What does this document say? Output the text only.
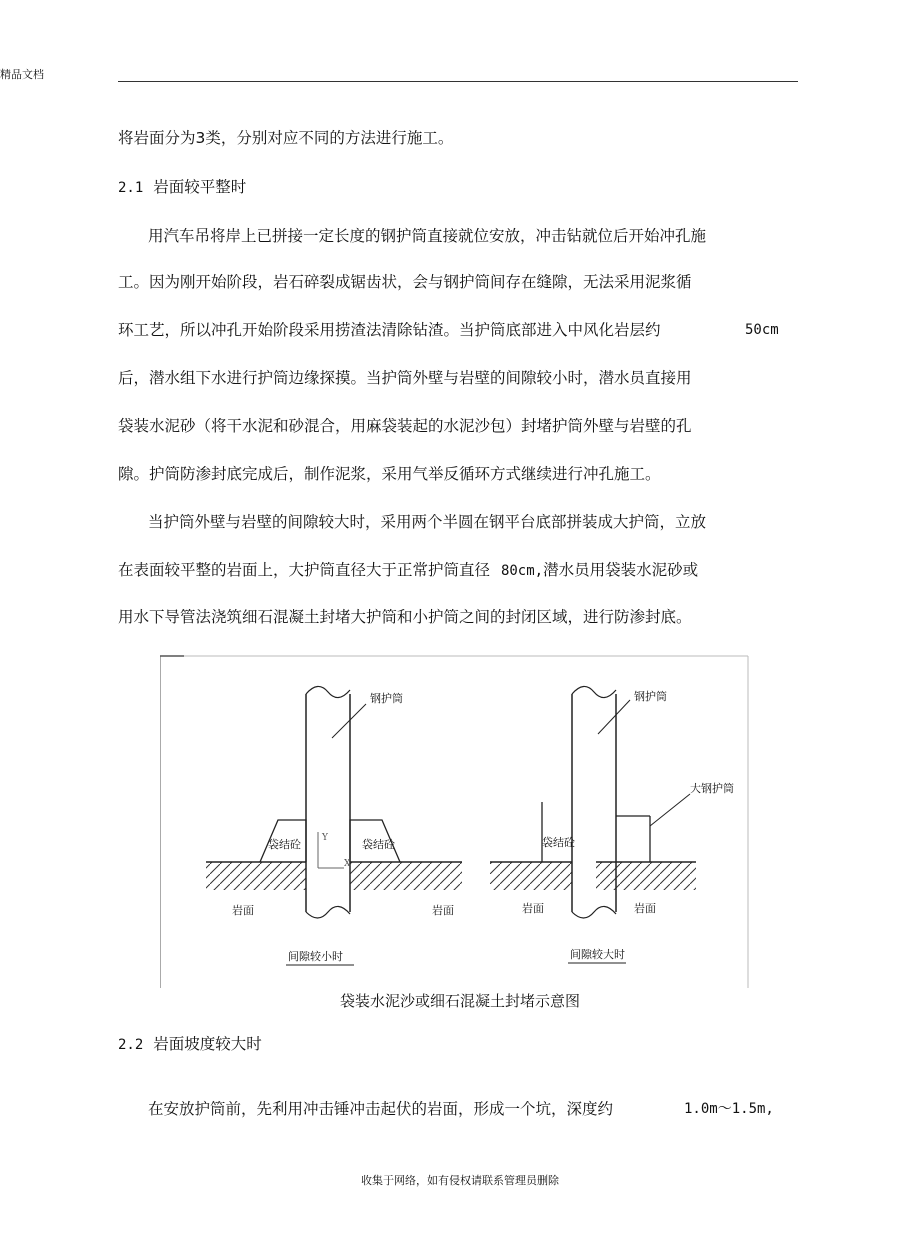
精品文档
将岩面分为3类，分别对应不同的方法进行施工。
2.1 岩面较平整时
用汽车吊将岸上已拼接一定长度的钢护筒直接就位安放，冲击钻就位后开始冲孔施
工。因为刚开始阶段，岩石碎裂成锯齿状，会与钢护筒间存在缝隙，无法采用泥浆循
环工艺，所以冲孔开始阶段采用捞渣法清除钻渣。当护筒底部进入中风化岩层约	50cm
后，潜水组下水进行护筒边缘探摸。当护筒外壁与岩壁的间隙较小时，潜水员直接用
袋装水泥砂（将干水泥和砂混合，用麻袋装起的水泥沙包）封堵护筒外壁与岩壁的孔
隙。护筒防渗封底完成后，制作泥浆，采用气举反循环方式继续进行冲孔施工。
当护筒外壁与岩壁的间隙较大时，采用两个半圆在钢平台底部拼装成大护筒，立放
在表面较平整的岩面上，大护筒直径大于正常护筒直径 80cm,潜水员用袋装水泥砂或
用水下导管法浇筑细石混凝土封堵大护筒和小护筒之间的封闭区域，进行防渗封底。
Y
X
钢护筒
袋结砼	袋结砼
岩面	岩面
间隙较小时
钢护筒
大钢护筒
袋结砼
岩面	岩面
间隙较大时
袋装水泥沙或细石混凝土封堵示意图
2.2 岩面坡度较大时
在安放护筒前，先利用冲击锤冲击起伏的岩面，形成一个坑，深度约	1.0m～1.5m,
收集于网络，如有侵权请联系管理员删除
